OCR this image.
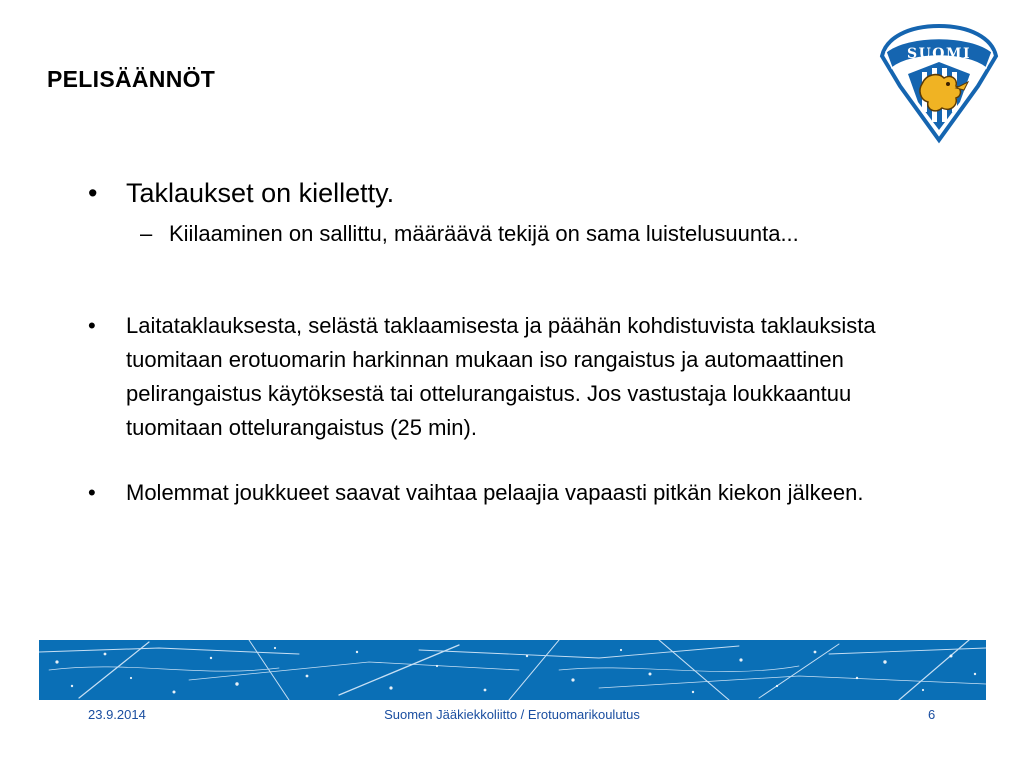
PELISÄÄNNÖT
SUOMI
• Taklaukset on kielletty.
– Kiilaaminen on sallittu, määräävä tekijä on sama luistelusuunta...
• Laitataklauksesta, selästä taklaamisesta ja päähän kohdistuvista taklauksista tuomitaan erotuomarin harkinnan mukaan iso rangaistus ja automaattinen pelirangaistus käytöksestä tai ottelurangaistus. Jos vastustaja loukkaantuu tuomitaan ottelurangaistus (25 min).
• Molemmat joukkueet saavat vaihtaa pelaajia vapaasti pitkän kiekon jälkeen.
23.9.2014	Suomen Jääkiekkoliitto / Erotuomarikoulutus	6
